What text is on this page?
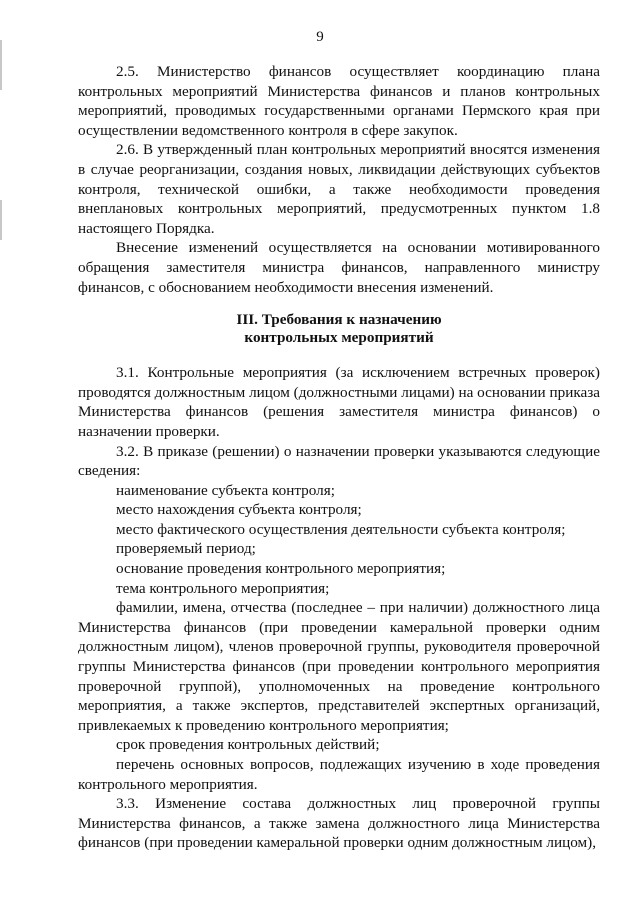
9

2.5. Министерство финансов осуществляет координацию плана контрольных мероприятий Министерства финансов и планов контрольных мероприятий, проводимых государственными органами Пермского края при осуществлении ведомственного контроля в сфере закупок.

2.6. В утвержденный план контрольных мероприятий вносятся изменения в случае реорганизации, создания новых, ликвидации действующих субъектов контроля, технической ошибки, а также необходимости проведения внеплановых контрольных мероприятий, предусмотренных пунктом 1.8 настоящего Порядка.

Внесение изменений осуществляется на основании мотивированного обращения заместителя министра финансов, направленного министру финансов, с обоснованием необходимости внесения изменений.

III. Требования к назначению
контрольных мероприятий

3.1. Контрольные мероприятия (за исключением встречных проверок) проводятся должностным лицом (должностными лицами) на основании приказа Министерства финансов (решения заместителя министра финансов) о назначении проверки.

3.2. В приказе (решении) о назначении проверки указываются следующие сведения:

наименование субъекта контроля;

место нахождения субъекта контроля;

место фактического осуществления деятельности субъекта контроля;

проверяемый период;

основание проведения контрольного мероприятия;

тема контрольного мероприятия;

фамилии, имена, отчества (последнее – при наличии) должностного лица Министерства финансов (при проведении камеральной проверки одним должностным лицом), членов проверочной группы, руководителя проверочной группы Министерства финансов (при проведении контрольного мероприятия проверочной группой), уполномоченных на проведение контрольного мероприятия, а также экспертов, представителей экспертных организаций, привлекаемых к проведению контрольного мероприятия;

срок проведения контрольных действий;

перечень основных вопросов, подлежащих изучению в ходе проведения контрольного мероприятия.

3.3. Изменение состава должностных лиц проверочной группы Министерства финансов, а также замена должностного лица Министерства финансов (при проведении камеральной проверки одним должностным лицом),
